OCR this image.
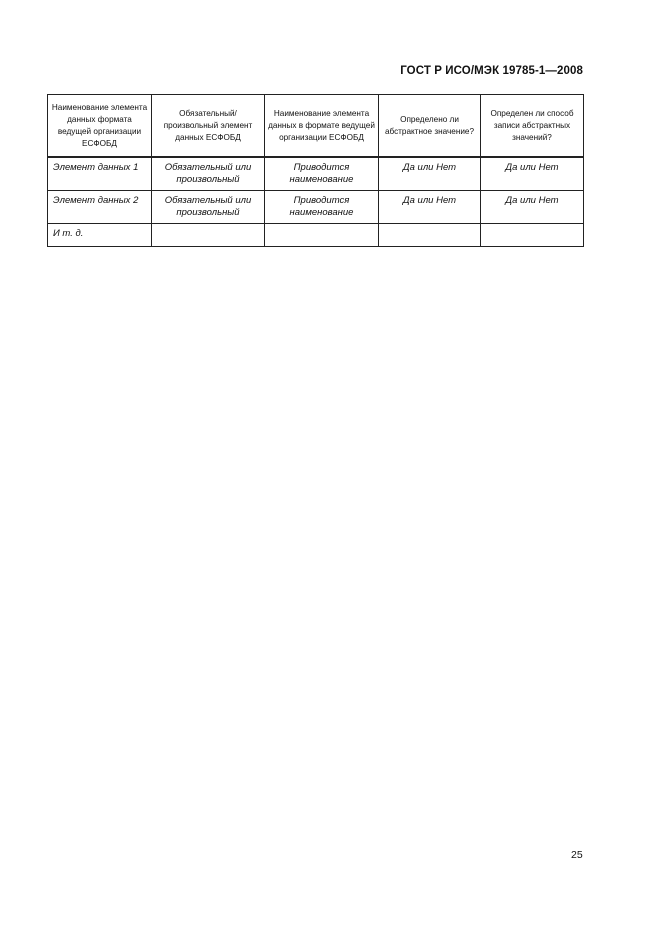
ГОСТ Р ИСО/МЭК 19785-1—2008
Наименование элемента данных формата ведущей организации ЕСФОБД	Обязательный/ произвольный элемент данных ЕСФОБД	Наименование элемента данных в формате ведущей организации ЕСФОБД	Определено ли абстрактное значение?	Определен ли способ записи абстрактных значений?
Элемент данных 1	Обязательный или произвольный	Приводится наименование	Да или Нет	Да или Нет
Элемент данных 2	Обязательный или произвольный	Приводится наименование	Да или Нет	Да или Нет
И т. д.				
25
